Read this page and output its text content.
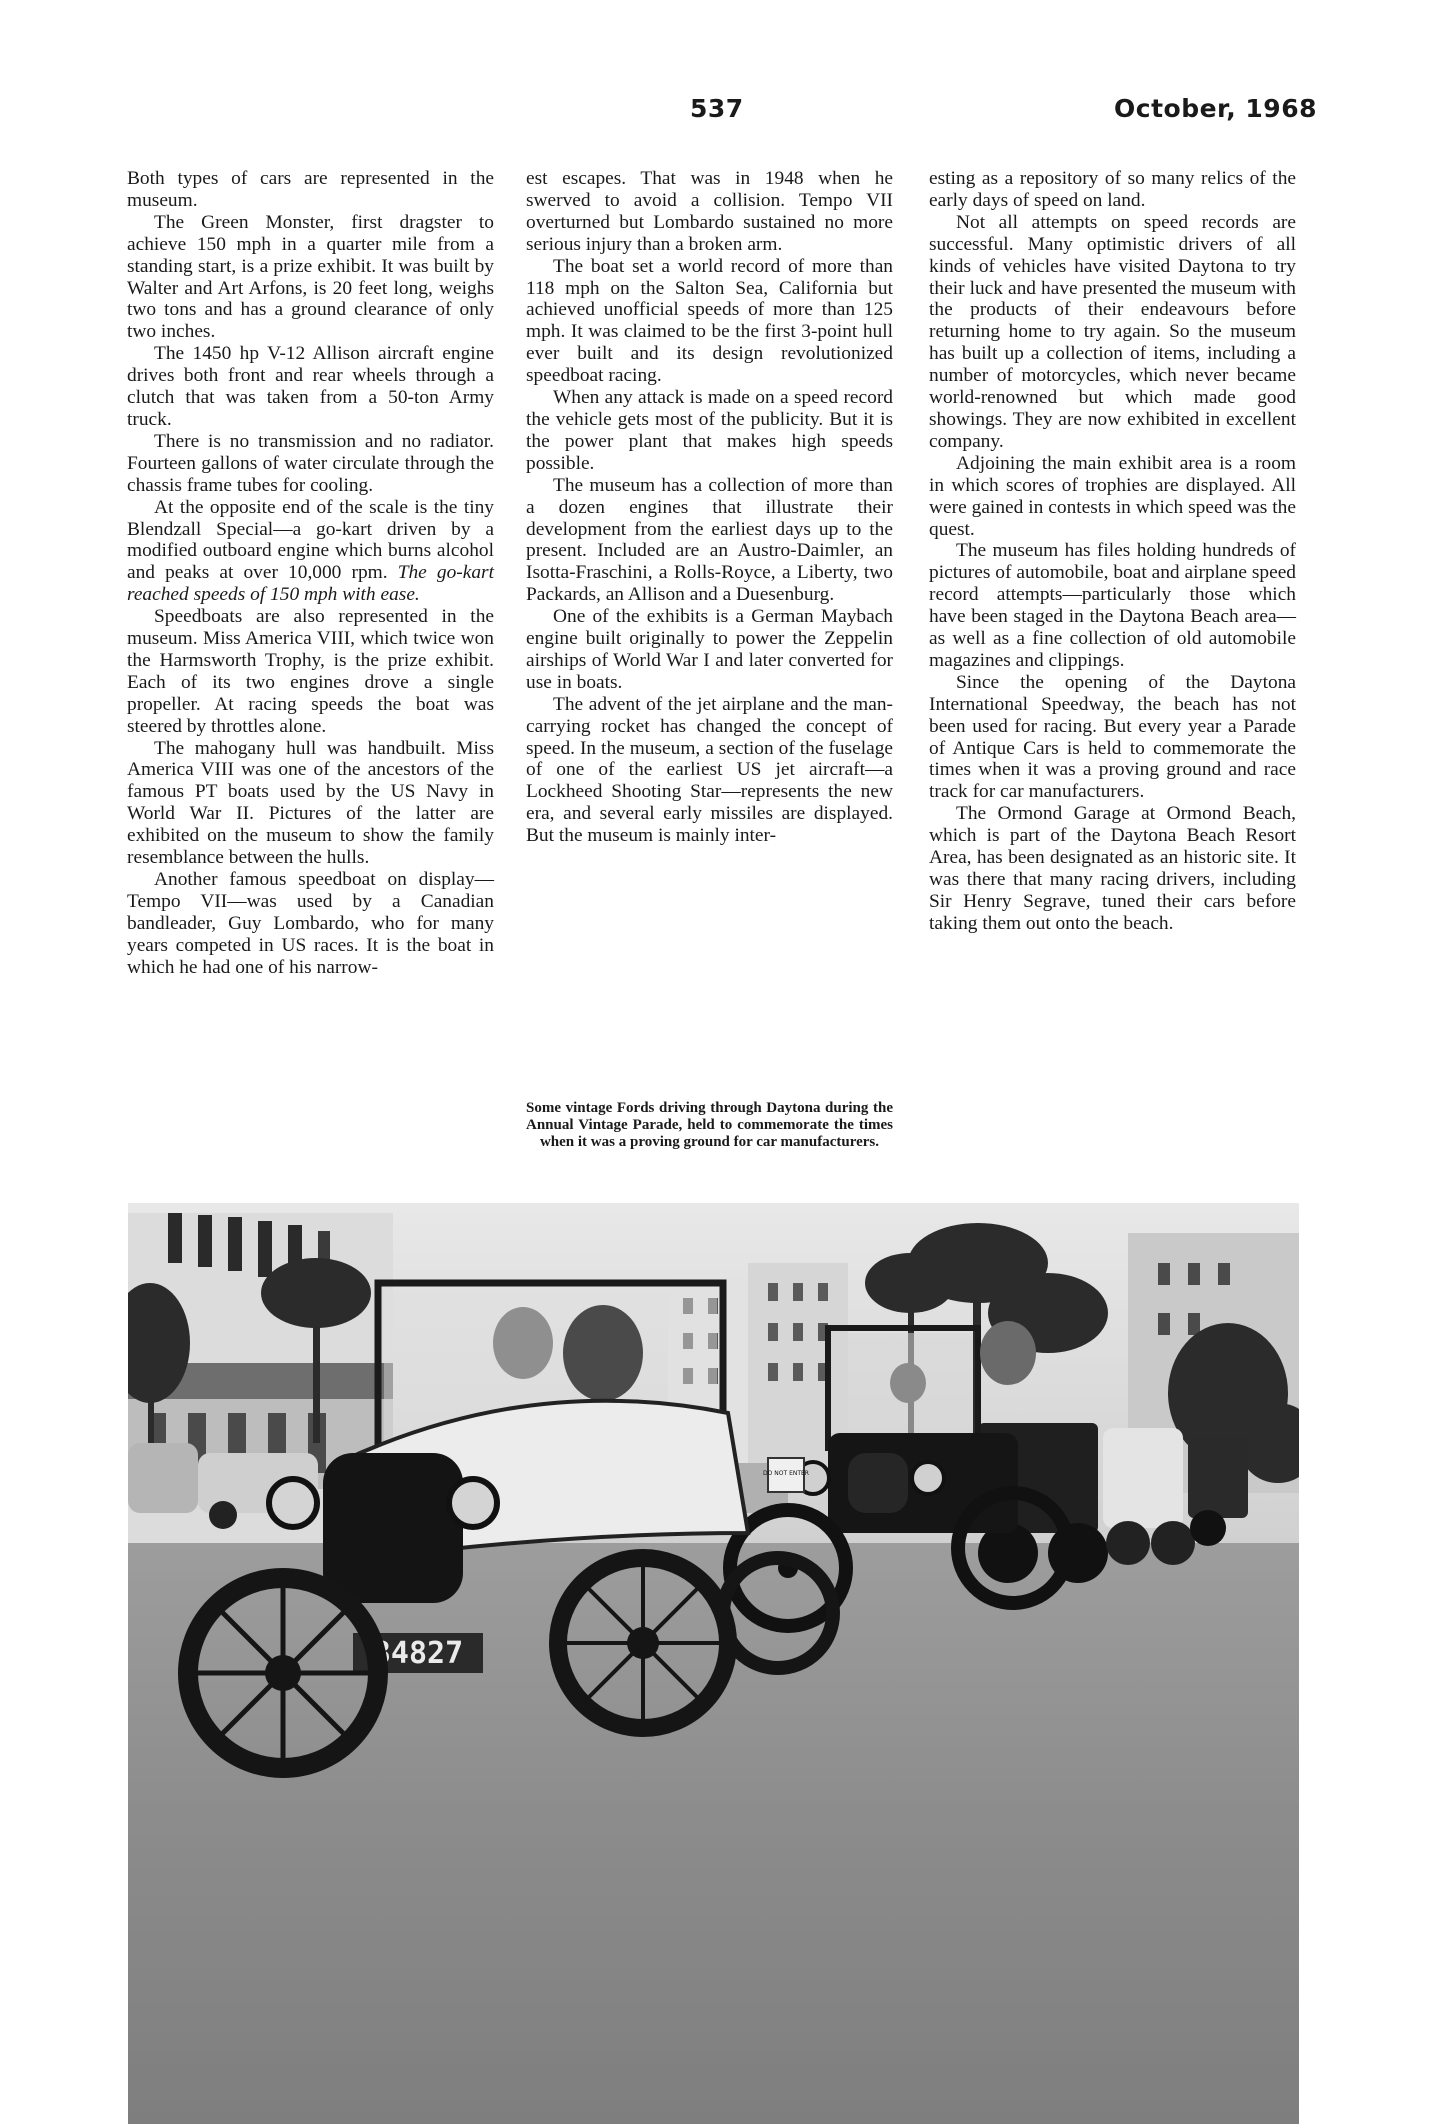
537	October, 1968

Both types of cars are represented in the museum.

The Green Monster, first dragster to achieve 150 mph in a quarter mile from a standing start, is a prize exhibit. It was built by Walter and Art Arfons, is 20 feet long, weighs two tons and has a ground clearance of only two inches.

The 1450 hp V-12 Allison aircraft engine drives both front and rear wheels through a clutch that was taken from a 50-ton Army truck.

There is no transmission and no radiator. Fourteen gallons of water circulate through the chassis frame tubes for cooling.

At the opposite end of the scale is the tiny Blendzall Special—a go-kart driven by a modified outboard engine which burns alcohol and peaks at over 10,000 rpm. The go-kart reached speeds of 150 mph with ease.

Speedboats are also represented in the museum. Miss America VIII, which twice won the Harmsworth Trophy, is the prize exhibit. Each of its two engines drove a single propeller. At racing speeds the boat was steered by throttles alone.

The mahogany hull was handbuilt. Miss America VIII was one of the ancestors of the famous PT boats used by the US Navy in World War II. Pictures of the latter are exhibited on the museum to show the family resemblance between the hulls.

Another famous speedboat on display—Tempo VII—was used by a Canadian bandleader, Guy Lombardo, who for many years competed in US races. It is the boat in which he had one of his narrow-

est escapes. That was in 1948 when he swerved to avoid a collision. Tempo VII overturned but Lombardo sustained no more serious injury than a broken arm.

The boat set a world record of more than 118 mph on the Salton Sea, California but achieved unofficial speeds of more than 125 mph. It was claimed to be the first 3-point hull ever built and its design revolutionized speedboat racing.

When any attack is made on a speed record the vehicle gets most of the publicity. But it is the power plant that makes high speeds possible.

The museum has a collection of more than a dozen engines that illustrate their development from the earliest days up to the present. Included are an Austro-Daimler, an Isotta-Fraschini, a Rolls-Royce, a Liberty, two Packards, an Allison and a Duesenburg.

One of the exhibits is a German Maybach engine built originally to power the Zeppelin airships of World War I and later converted for use in boats.

The advent of the jet airplane and the man-carrying rocket has changed the concept of speed. In the museum, a section of the fuselage of one of the earliest US jet aircraft—a Lockheed Shooting Star—represents the new era, and several early missiles are displayed. But the museum is mainly inter-

esting as a repository of so many relics of the early days of speed on land.

Not all attempts on speed records are successful. Many optimistic drivers of all kinds of vehicles have visited Daytona to try their luck and have presented the museum with the products of their endeavours before returning home to try again. So the museum has built up a collection of items, including a number of motorcycles, which never became world-renowned but which made good showings. They are now exhibited in excellent company.

Adjoining the main exhibit area is a room in which scores of trophies are displayed. All were gained in contests in which speed was the quest.

The museum has files holding hundreds of pictures of automobile, boat and airplane speed record attempts—particularly those which have been staged in the Daytona Beach area—as well as a fine collection of old automobile magazines and clippings.

Since the opening of the Daytona International Speedway, the beach has not been used for racing. But every year a Parade of Antique Cars is held to commemorate the times when it was a proving ground and race track for car manufacturers.

The Ormond Garage at Ormond Beach, which is part of the Daytona Beach Resort Area, has been designated as an historic site. It was there that many racing drivers, including Sir Henry Segrave, tuned their cars before taking them out onto the beach.

Some vintage Fords driving through Daytona during the Annual Vintage Parade, held to commemorate the times when it was a proving ground for car manufacturers.
34827
DO NOT ENTER
